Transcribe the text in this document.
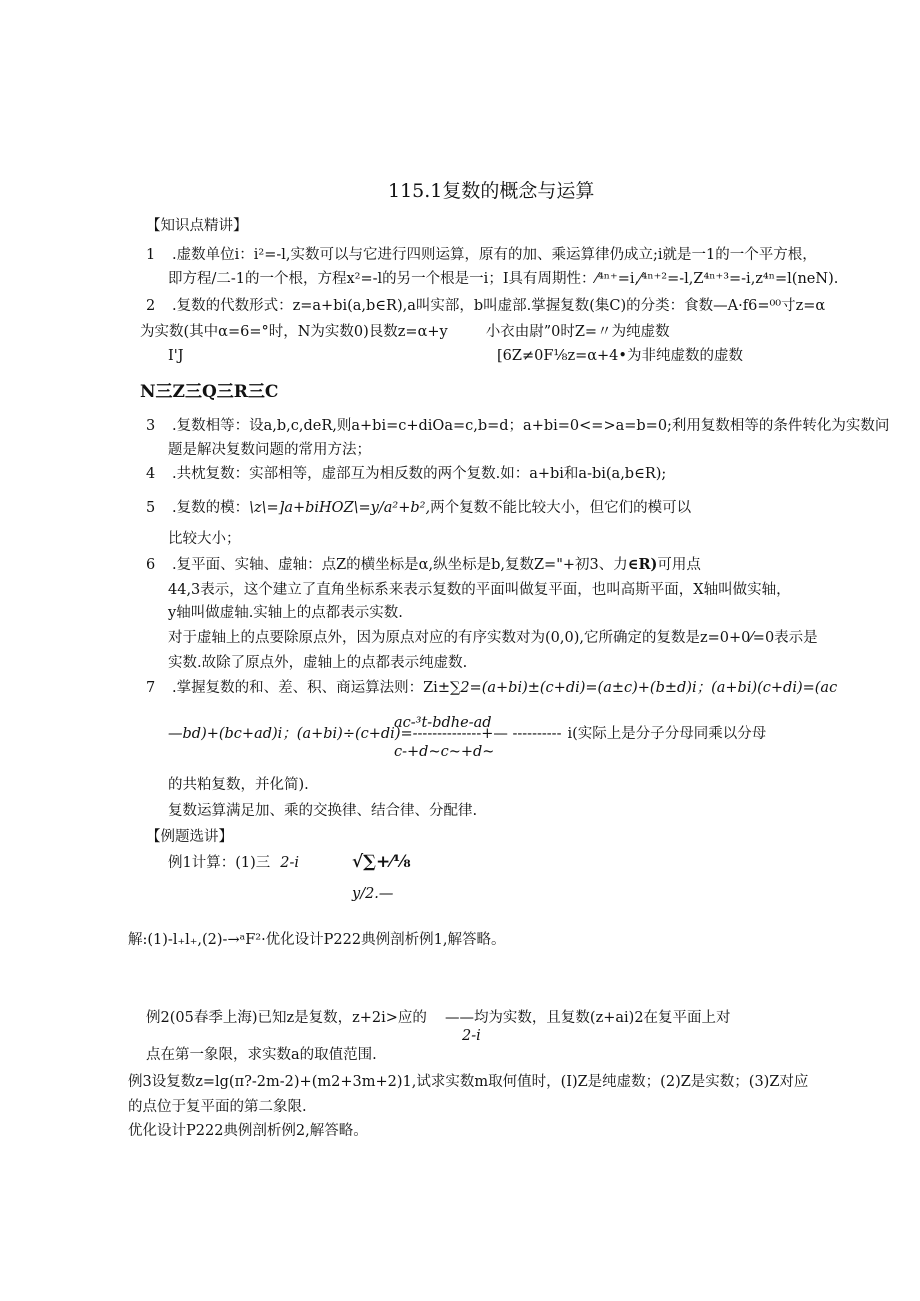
115.1复数的概念与运算
【知识点精讲】
1 .虚数单位i：i²=-l,实数可以与它进行四则运算，原有的加、乘运算律仍成立;i就是一1的一个平方根，
即方程/二-1的一个根，方程x²=-l的另一个根是一i；I具有周期性：⁄⁴ⁿ⁺=i,⁄⁴ⁿ⁺²=-l,Z⁴ⁿ⁺³=-i,z⁴ⁿ=l(neN).
2 .复数的代数形式：z=a+bi(a,b∈R),a叫实部，b叫虚部.掌握复数(集C)的分类：食数—A·f6=⁰⁰寸z=α
为实数(其中α=6=°时，N为实数0)艮数z=α+y	小衣由尉”0时Z=〃为纯虚数
I'J	[6Z≠0F⅛z=α+4•为非纯虚数的虚数
N三Z三Q三R三C
3 .复数相等：设a,b,c,deR,则a+bi=c+diOa=c,b=d；a+bi=0<=>a=b=0;利用复数相等的条件转化为实数问
题是解决复数问题的常用方法；
4 .共枕复数：实部相等，虚部互为相反数的两个复数.如：a+bi和a-bi(a,b∈R);
5 .复数的模：\z\=]a+biHOZ\=y/a²+b²,两个复数不能比较大小，但它们的模可以
比较大小；
6 .复平面、实轴、虚轴：点Z的横坐标是α,纵坐标是b,复数Z="+初3、力∈R)可用点
44,3表示，这个建立了直角坐标系来表示复数的平面叫做复平面，也叫高斯平面，X轴叫做实轴，
y轴叫做虚轴.实轴上的点都表示实数.
对于虚轴上的点要除原点外，因为原点对应的有序实数对为(0,0),它所确定的复数是z=0+0⁄=0表示是
实数.故除了原点外，虚轴上的点都表示纯虚数.
7 .掌握复数的和、差、积、商运算法则：Zi±∑2=(a+bi)±(c+di)=(a±c)+(b±d)i；(a+bi)(c+di)=(ac
ac-³t-bdhe-ad
—bd)+(bc+ad)i；(a+bi)÷(c+di)=--------------+— ---------- i(实际上是分子分母同乘以分母
c-+d~c~+d~
的共粕复数，并化简).
复数运算满足加、乘的交换律、结合律、分配律.
【例题选讲】
例1计算：(1)三 2-i	√∑+⁄⅛
y/2.—
解:(1)-l₊l₊,(2)-→ᵃF²·优化设计P222典例剖析例1,解答略。
例2(05春季上海)已知z是复数，z+2i>应的 ——均为实数，且复数(z+ai)2在复平面上对
2-i
点在第一象限，求实数a的取值范围.
例3设复数z=lg(π?-2m-2)+(m2+3m+2)1,试求实数m取何值时，(I)Z是纯虚数；(2)Z是实数；(3)Z对应
的点位于复平面的第二象限.
优化设计P222典例剖析例2,解答略。
